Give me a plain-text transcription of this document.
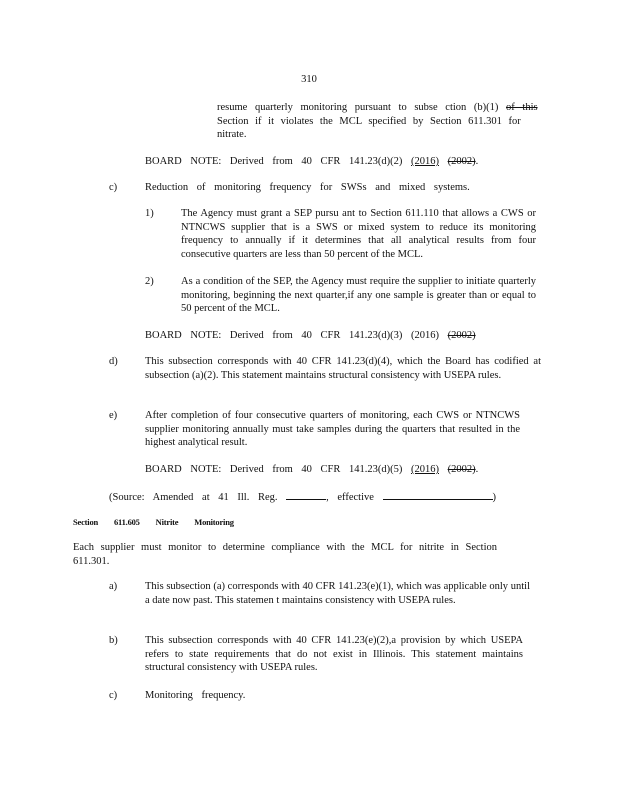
310
resume quarterly monitoring pursuant to subse ction (b)(1) of this
Section if it violates the MCL specified by Section 611.301 for
nitrate.
BOARD NOTE: Derived from 40 CFR 141.23(d)(2) (2016) (2002).
c)	Reduction of monitoring frequency for SWSs and mixed systems.
1)	The Agency must grant a SEP pursu ant to Section 611.110 that allows a CWS or NTNCWS supplier that is a SWS or mixed system to reduce its monitoring frequency to annually if it determines that all analytical results from four consecutive quarters are less than 50 percent of the MCL.
2)	As a condition of the SEP, the Agency must require the supplier to initiate quarterly monitoring, beginning the next quarter,if any one sample is greater than or equal to 50 percent of the MCL.
BOARD NOTE: Derived from 40 CFR 141.23(d)(3) (2016) (2002)
d)	This subsection corresponds with 40 CFR 141.23(d)(4), which the Board has codified at subsection (a)(2). This statement maintains structural consistency with USEPA rules.
e)	After completion of four consecutive quarters of monitoring, each CWS or NTNCWS supplier monitoring annually must take samples during the quarters that resulted in the highest analytical result.
BOARD NOTE: Derived from 40 CFR 141.23(d)(5) (2016) (2002).
(Source: Amended at 41 Ill. Reg.	, effective	)
Section 611.605 Nitrite Monitoring
Each supplier must monitor to determine compliance with the MCL for nitrite in Section 611.301.
a)	This subsection (a) corresponds with 40 CFR 141.23(e)(1), which was applicable only until a date now past. This statemen t maintains consistency with USEPA rules.
b)	This subsection corresponds with 40 CFR 141.23(e)(2),a provision by which USEPA refers to state requirements that do not exist in Illinois. This statement maintains structural consistency with USEPA rules.
c)	Monitoring frequency.
